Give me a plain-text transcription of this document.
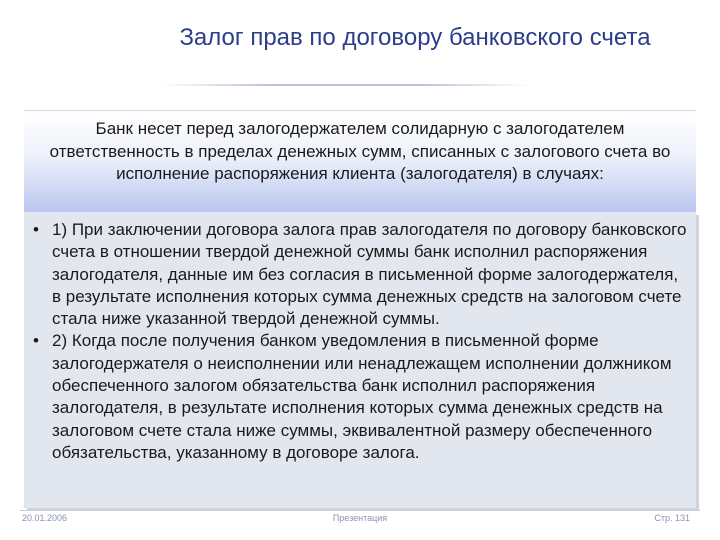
Залог прав по договору банковского счета

Банк несет перед залогодержателем солидарную с залогодателем ответственность в пределах денежных сумм, списанных с залогового счета во исполнение распоряжения клиента (залогодателя) в случаях:

• 1) При заключении договора залога прав залогодателя по договору банковского счета в отношении твердой денежной суммы банк исполнил распоряжения залогодателя, данные им без согласия в письменной форме залогодержателя, в результате исполнения которых сумма денежных средств на залоговом счете стала ниже указанной твердой денежной суммы.
• 2) Когда после получения банком уведомления в письменной форме залогодержателя о неисполнении или ненадлежащем исполнении должником обеспеченного залогом обязательства банк исполнил распоряжения залогодателя, в результате исполнения которых сумма денежных средств на залоговом счете стала ниже суммы, эквивалентной размеру обеспеченного обязательства, указанному в договоре залога.
20.01.2006	Презентация	Стр. 131
